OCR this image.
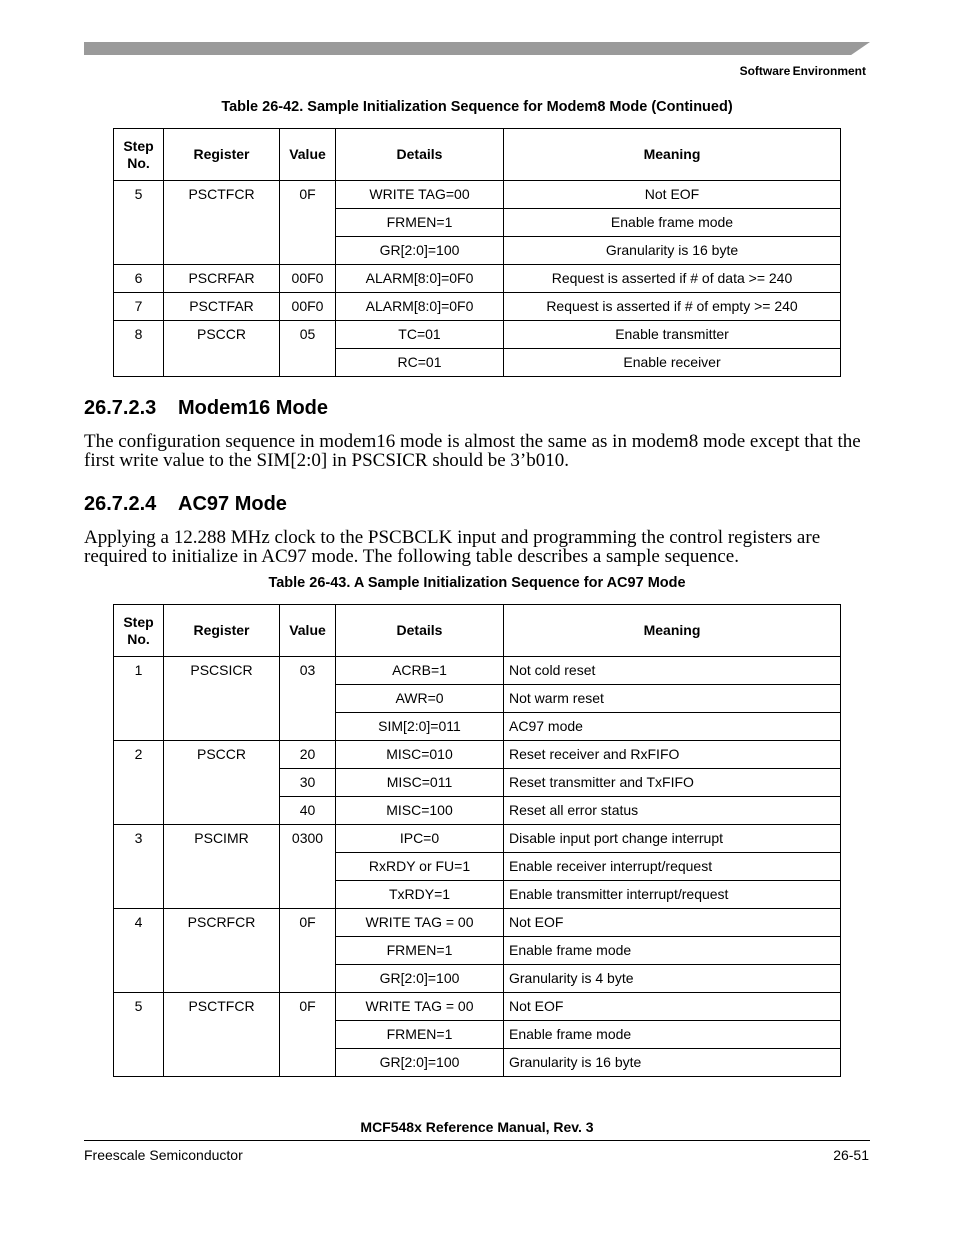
Software Environment
Table 26-42. Sample Initialization Sequence for Modem8 Mode (Continued)
Step No.	Register	Value	Details	Meaning
5	PSCTFCR	0F	WRITE TAG=00	Not EOF
			FRMEN=1	Enable frame mode
			GR[2:0]=100	Granularity is 16 byte
6	PSCRFAR	00F0	ALARM[8:0]=0F0	Request is asserted if # of data >= 240
7	PSCTFAR	00F0	ALARM[8:0]=0F0	Request is asserted if # of empty >= 240
8	PSCCR	05	TC=01	Enable transmitter
			RC=01	Enable receiver
26.7.2.3 Modem16 Mode
The configuration sequence in modem16 mode is almost the same as in modem8 mode except that the first write value to the SIM[2:0] in PSCSICR should be 3’b010.
26.7.2.4 AC97 Mode
Applying a 12.288 MHz clock to the PSCBCLK input and programming the control registers are required to initialize in AC97 mode. The following table describes a sample sequence.
Table 26-43. A Sample Initialization Sequence for AC97 Mode
Step No.	Register	Value	Details	Meaning
1	PSCSICR	03	ACRB=1	Not cold reset
			AWR=0	Not warm reset
			SIM[2:0]=011	AC97 mode
2	PSCCR	20	MISC=010	Reset receiver and RxFIFO
		30	MISC=011	Reset transmitter and TxFIFO
		40	MISC=100	Reset all error status
3	PSCIMR	0300	IPC=0	Disable input port change interrupt
			RxRDY or FU=1	Enable receiver interrupt/request
			TxRDY=1	Enable transmitter interrupt/request
4	PSCRFCR	0F	WRITE TAG = 00	Not EOF
			FRMEN=1	Enable frame mode
			GR[2:0]=100	Granularity is 4 byte
5	PSCTFCR	0F	WRITE TAG = 00	Not EOF
			FRMEN=1	Enable frame mode
			GR[2:0]=100	Granularity is 16 byte
MCF548x Reference Manual, Rev. 3
Freescale Semiconductor	26-51
